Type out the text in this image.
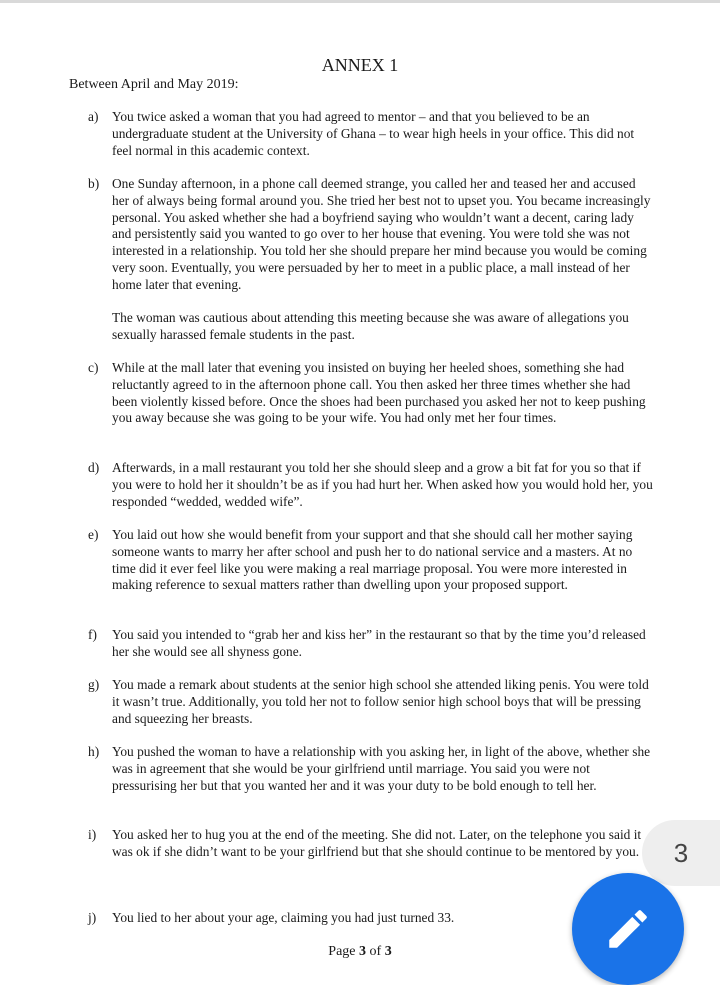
ANNEX 1
Between April and May 2019:
a)	You twice asked a woman that you had agreed to mentor – and that you believed to be an undergraduate student at the University of Ghana – to wear high heels in your office. This did not feel normal in this academic context.
b) One Sunday afternoon, in a phone call deemed strange, you called her and teased her and accused her of always being formal around you. She tried her best not to upset you. You became increasingly personal. You asked whether she had a boyfriend saying who wouldn’t want a decent, caring lady and persistently said you wanted to go over to her house that evening. You were told she was not interested in a relationship. You told her she should prepare her mind because you would be coming very soon. Eventually, you were persuaded by her to meet in a public place, a mall instead of her home later that evening.
The woman was cautious about attending this meeting because she was aware of allegations you sexually harassed female students in the past.
c)	While at the mall later that evening you insisted on buying her heeled shoes, something she had reluctantly agreed to in the afternoon phone call. You then asked her three times whether she had been violently kissed before. Once the shoes had been purchased you asked her not to keep pushing you away because she was going to be your wife. You had only met her four times.
d) Afterwards, in a mall restaurant you told her she should sleep and a grow a bit fat for you so that if you were to hold her it shouldn’t be as if you had hurt her. When asked how you would hold her, you responded “wedded, wedded wife”.
e)	You laid out how she would benefit from your support and that she should call her mother saying someone wants to marry her after school and push her to do national service and a masters. At no time did it ever feel like you were making a real marriage proposal. You were more interested in making reference to sexual matters rather than dwelling upon your proposed support.
f)	You said you intended to “grab her and kiss her” in the restaurant so that by the time you’d released her she would see all shyness gone.
g) You made a remark about students at the senior high school she attended liking penis. You were told it wasn’t true. Additionally, you told her not to follow senior high school boys that will be pressing and squeezing her breasts.
h) You pushed the woman to have a relationship with you asking her, in light of the above, whether she was in agreement that she would be your girlfriend until marriage. You said you were not pressurising her but that you wanted her and it was your duty to be bold enough to tell her.
i)	You asked her to hug you at the end of the meeting. She did not. Later, on the telephone you said it was ok if she didn’t want to be your girlfriend but that she should continue to be mentored by you.
j)	You lied to her about your age, claiming you had just turned 33.
Page 3 of 3
3
